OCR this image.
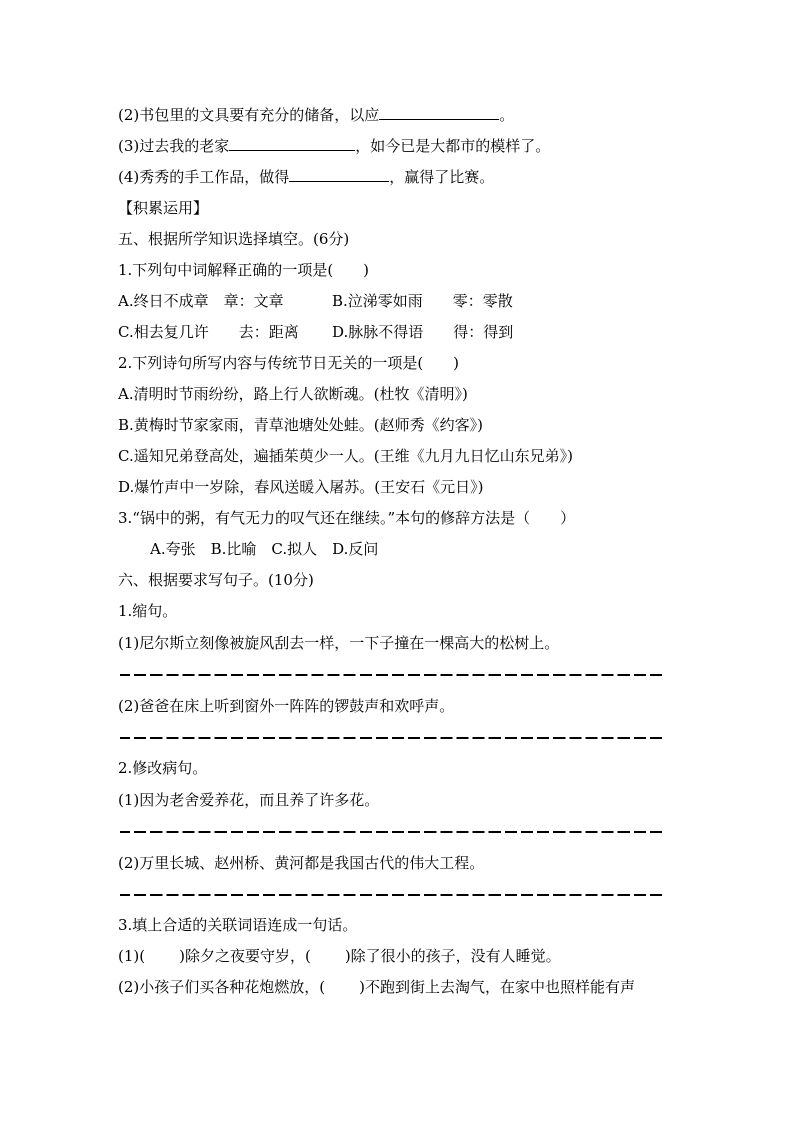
(2)书包里的文具要有充分的储备，以应	。
(3)过去我的老家	，如今已是大都市的模样了。
(4)秀秀的手工作品，做得	，赢得了比赛。
【积累运用】
五、根据所学知识选择填空。(6分)
1.下列句中词解释正确的一项是(　　)
A.终日不成章　章：文章	B.泣涕零如雨　　零：零散
C.相去复几许　　去：距离 D.脉脉不得语　　得：得到
2.下列诗句所写内容与传统节日无关的一项是(　　)
A.清明时节雨纷纷，路上行人欲断魂。(杜牧《清明》)
B.黄梅时节家家雨，青草池塘处处蛙。(赵师秀《约客》)
C.遥知兄弟登高处，遍插茱萸少一人。(王维《九月九日忆山东兄弟》)
D.爆竹声中一岁除，春风送暖入屠苏。(王安石《元日》)
3.“锅中的粥，有气无力的叹气还在继续。”本句的修辞方法是（　　）
A.夸张　B.比喻　C.拟人　D.反问
六、根据要求写句子。(10分)
1.缩句。
(1)尼尔斯立刻像被旋风刮去一样，一下子撞在一棵高大的松树上。
(2)爸爸在床上听到窗外一阵阵的锣鼓声和欢呼声。
2.修改病句。
(1)因为老舍爱养花，而且养了许多花。
(2)万里长城、赵州桥、黄河都是我国古代的伟大工程。
3.填上合适的关联词语连成一句话。
(1)( )除夕之夜要守岁，( )除了很小的孩子，没有人睡觉。
(2)小孩子们买各种花炮燃放，( )不跑到街上去淘气，在家中也照样能有声
